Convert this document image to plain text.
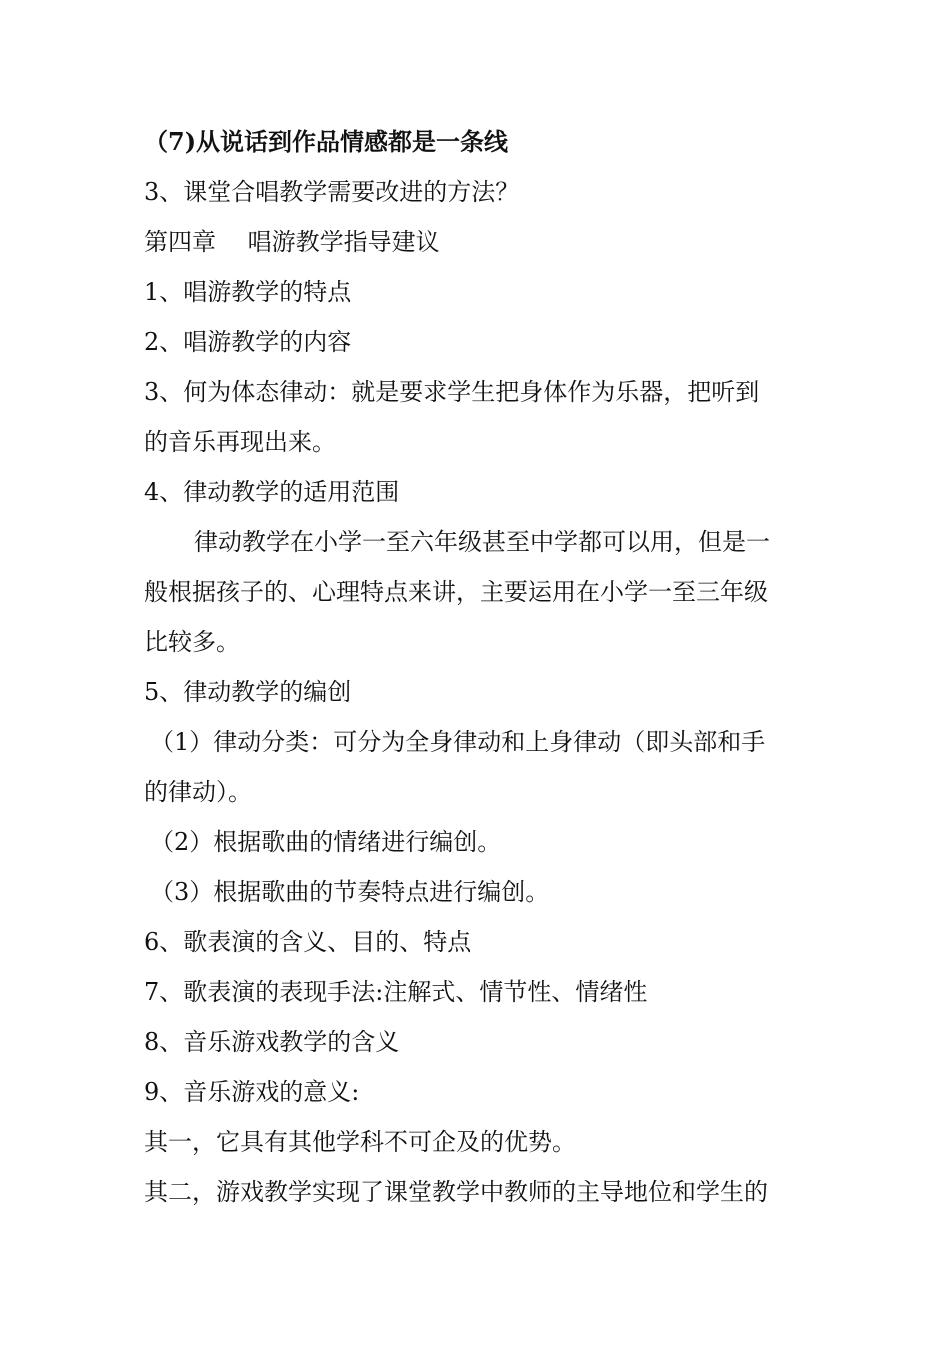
（7)从说话到作品情感都是一条线
3、课堂合唱教学需要改进的方法？
第四章　 唱游教学指导建议
1、唱游教学的特点
2、唱游教学的内容
3、何为体态律动：就是要求学生把身体作为乐器，把听到
的音乐再现出来。
4、律动教学的适用范围
律动教学在小学一至六年级甚至中学都可以用，但是一
般根据孩子的、心理特点来讲，主要运用在小学一至三年级
比较多。
5、律动教学的编创
（1）律动分类：可分为全身律动和上身律动（即头部和手
的律动）。
（2）根据歌曲的情绪进行编创。
（3）根据歌曲的节奏特点进行编创。
6、歌表演的含义、目的、特点
7、歌表演的表现手法:注解式、情节性、情绪性
8、音乐游戏教学的含义
9、音乐游戏的意义:
其一，它具有其他学科不可企及的优势。
其二，游戏教学实现了课堂教学中教师的主导地位和学生的
